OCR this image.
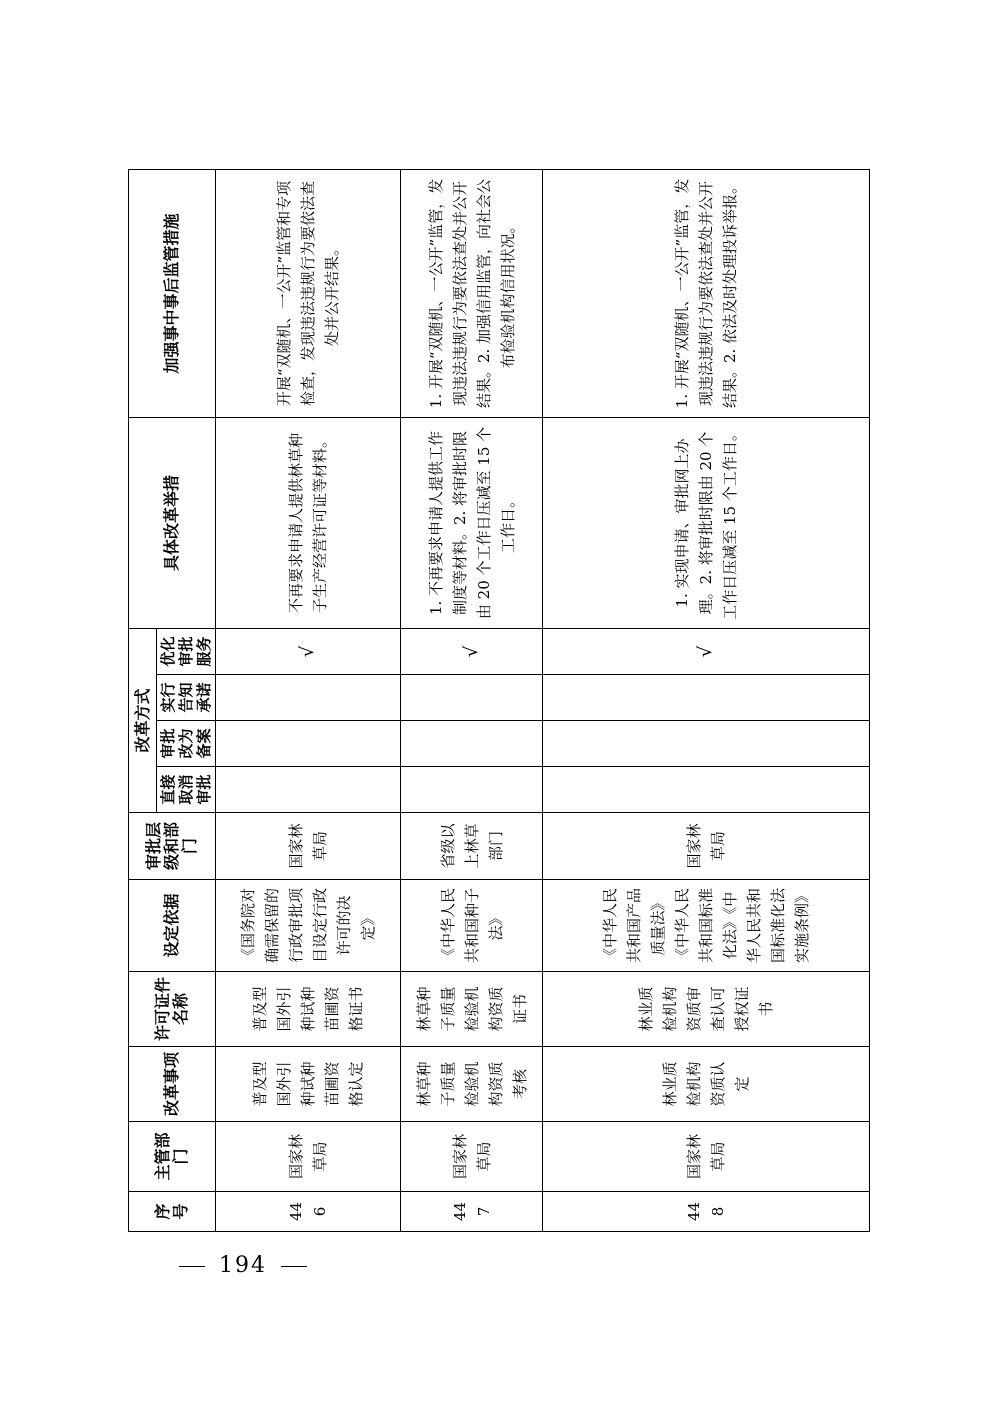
序号	主管部门	改革事项	许可证件名称	设定依据	审批层级和部门	改革方式				具体改革举措	加强事中事后监管措施
						直接取消审批	审批改为备案	实行告知承诺	优化审批服务		
446	国家林草局	普及型国外引种试种苗圃资格认定	普及型国外引种试种苗圃资格证书	《国务院对确需保留的行政审批项目设定行政许可的决定》	国家林草局				√	不再要求申请人提供林草种子生产经营许可证等材料。	开展“双随机、一公开”监管和专项检查，发现违法违规行为要依法查处并公开结果。
447	国家林草局	林草种子质量检验机构资质考核	林草种子质量检验机构资质证书	《中华人民共和国种子法》	省级以上林草部门				√	1. 不再要求申请人提供工作制度等材料。2. 将审批时限由 20 个工作日压减至 15 个工作日。	1. 开展“双随机、一公开”监管，发现违法违规行为要依法查处并公开结果。2. 加强信用监管，向社会公布检验机构信用状况。
448	国家林草局	林业质检机构资质认定	林业质检机构资质审查认可授权证书	《中华人民共和国产品质量法》《中华人民共和国标准化法》《中华人民共和国标准化法实施条例》	国家林草局				√	1. 实现申请、审批网上办理。2. 将审批时限由 20 个工作日压减至 15 个工作日。	1. 开展“双随机、一公开”监管，发现违法违规行为要依法查处并公开结果。2. 依法及时处理投诉举报。
194
